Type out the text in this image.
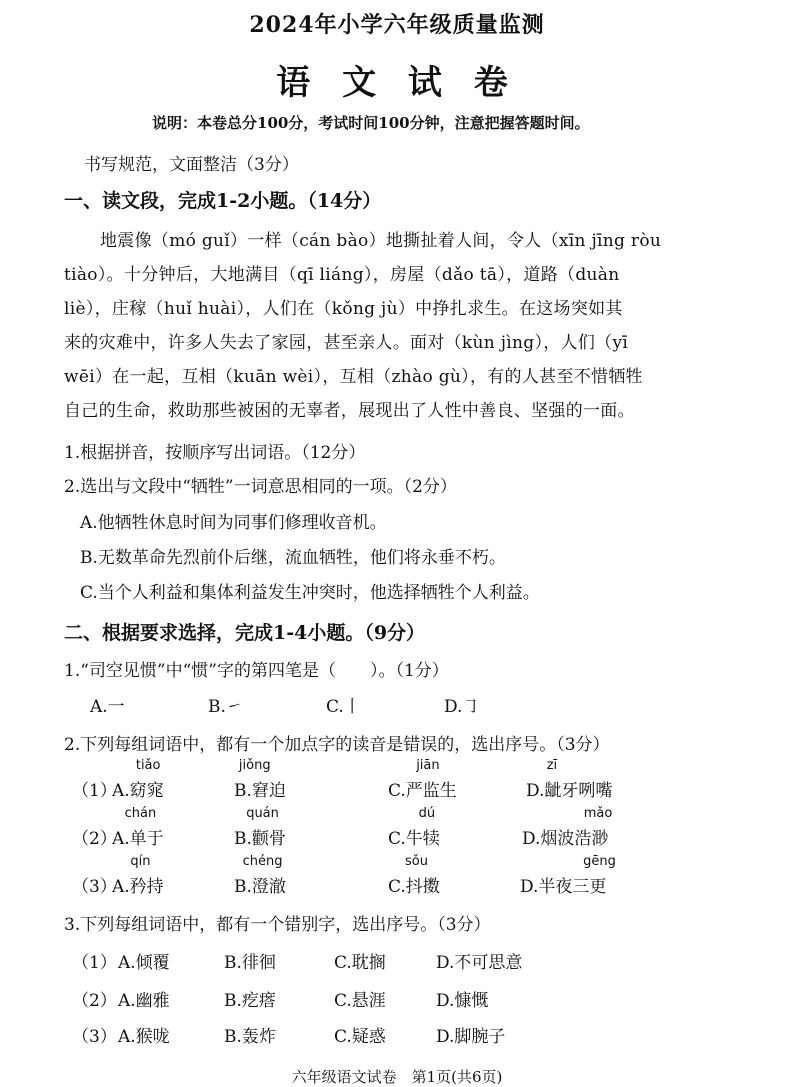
2024年小学六年级质量监测
语 文 试 卷
说明：本卷总分100分，考试时间100分钟，注意把握答题时间。
书写规范，文面整洁（3分）
一、读文段，完成1-2小题。（14分）
地震像（mó guǐ）一样（cán bào）地撕扯着人间，令人（xīn jīng ròu
tiào）。十分钟后，大地满目（qī liáng），房屋（dǎo tā），道路（duàn
liè），庄稼（huǐ huài），人们在（kǒng jù）中挣扎求生。在这场突如其
来的灾难中，许多人失去了家园，甚至亲人。面对（kùn jìng），人们（yī
wēi）在一起，互相（kuān wèi），互相（zhào gù），有的人甚至不惜牺牲
自己的生命，救助那些被困的无辜者，展现出了人性中善良、坚强的一面。
1.根据拼音，按顺序写出词语。（12分）
2.选出与文段中“牺牲”一词意思相同的一项。（2分）
A.他牺牲休息时间为同事们修理收音机。
B.无数革命先烈前仆后继，流血牺牲，他们将永垂不朽。
C.当个人利益和集体利益发生冲突时，他选择牺牲个人利益。
二、根据要求选择，完成1-4小题。（9分）
1.“司空见惯”中“惯”字的第四笔是（　　）。（1分）
A.一	B.㇀	C.丨	D.㇆
2.下列每组词语中，都有一个加点字的读音是错误的，选出序号。（3分）
（1）
A.窈窕
tiǎo
B.窘迫
jiǒng
C.严监生
jiān
D.龇牙咧嘴
zī
（2）
A.单于
chán
B.颧骨
quán
C.牛犊
dú
D.烟波浩渺
mǎo
（3）
A.矜持
qín
B.澄澈
chéng
C.抖擞
sǒu
D.半夜三更
gēng
3.下列每组词语中，都有一个错别字，选出序号。（3分）
（1） A.倾覆	B.徘徊	C.耽搁	D.不可思意
（2） A.幽雅	B.疙瘩	C.悬涯	D.慷慨
（3） A.猴咙	B.轰炸	C.疑惑	D.脚腕子
六年级语文试卷　第1页(共6页)
